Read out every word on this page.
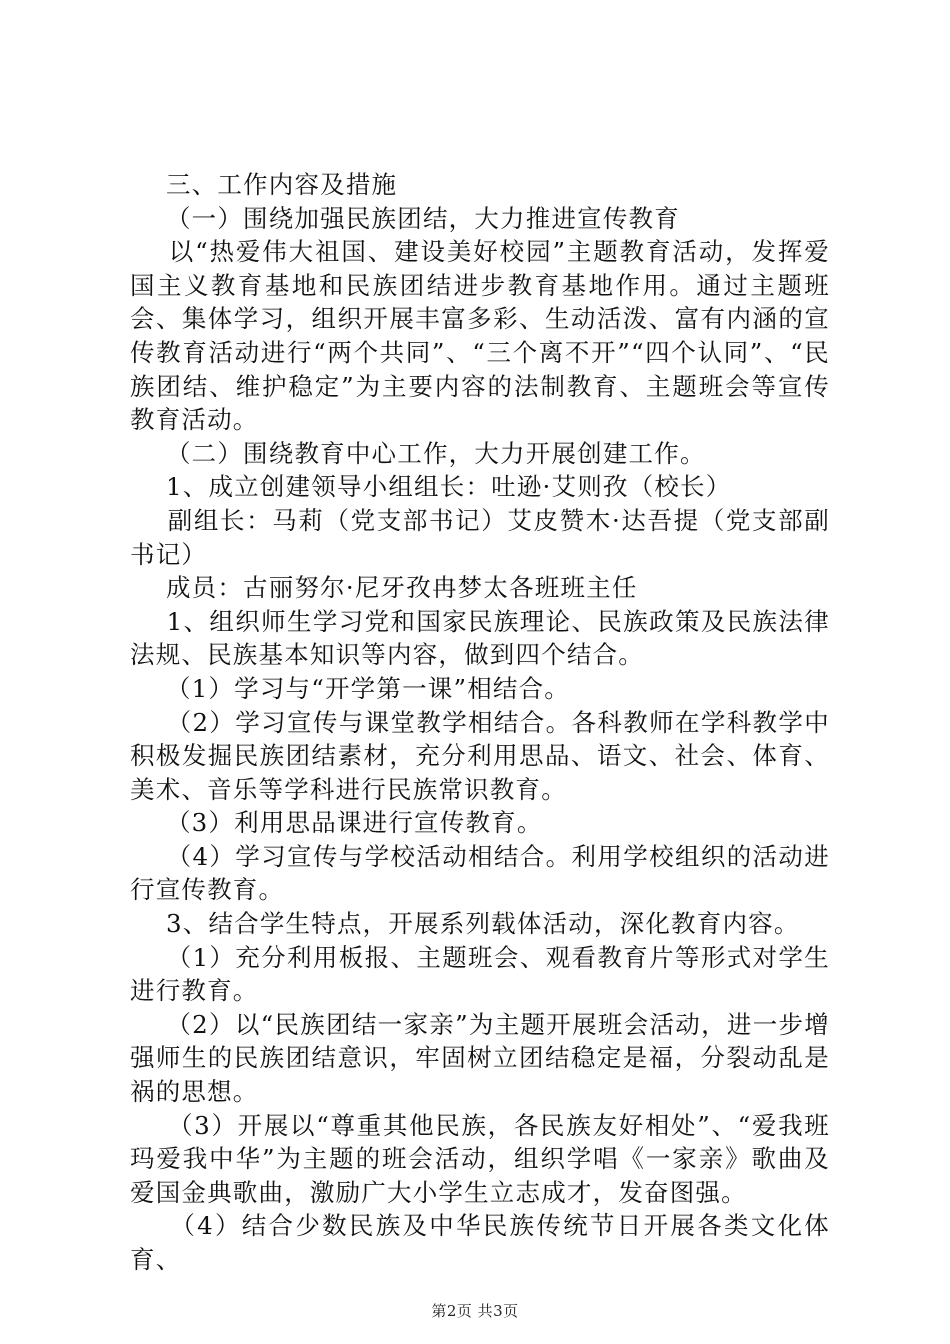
三、工作内容及措施

（一）围绕加强民族团结，大力推进宣传教育

以“热爱伟大祖国、建设美好校园”主题教育活动，发挥爱国主义教育基地和民族团结进步教育基地作用。通过主题班会、集体学习，组织开展丰富多彩、生动活泼、富有内涵的宣传教育活动进行“两个共同”、“三个离不开”“四个认同”、“民族团结、维护稳定”为主要内容的法制教育、主题班会等宣传教育活动。

（二）围绕教育中心工作，大力开展创建工作。

1、成立创建领导小组组长：吐逊·艾则孜（校长）

副组长：马莉（党支部书记）艾皮赞木·达吾提（党支部副书记）

成员：古丽努尔·尼牙孜冉梦太各班班主任

1、组织师生学习党和国家民族理论、民族政策及民族法律法规、民族基本知识等内容，做到四个结合。

（1）学习与“开学第一课”相结合。

（2）学习宣传与课堂教学相结合。各科教师在学科教学中积极发掘民族团结素材，充分利用思品、语文、社会、体育、美术、音乐等学科进行民族常识教育。

（3）利用思品课进行宣传教育。

（4）学习宣传与学校活动相结合。利用学校组织的活动进行宣传教育。

3、结合学生特点，开展系列载体活动，深化教育内容。

（1）充分利用板报、主题班会、观看教育片等形式对学生进行教育。

（2）以“民族团结一家亲”为主题开展班会活动，进一步增强师生的民族团结意识，牢固树立团结稳定是福，分裂动乱是祸的思想。

（3）开展以“尊重其他民族，各民族友好相处”、“爱我班玛爱我中华”为主题的班会活动，组织学唱《一家亲》歌曲及爱国金典歌曲，激励广大小学生立志成才，发奋图强。

（4）结合少数民族及中华民族传统节日开展各类文化体育、

第2页 共3页
